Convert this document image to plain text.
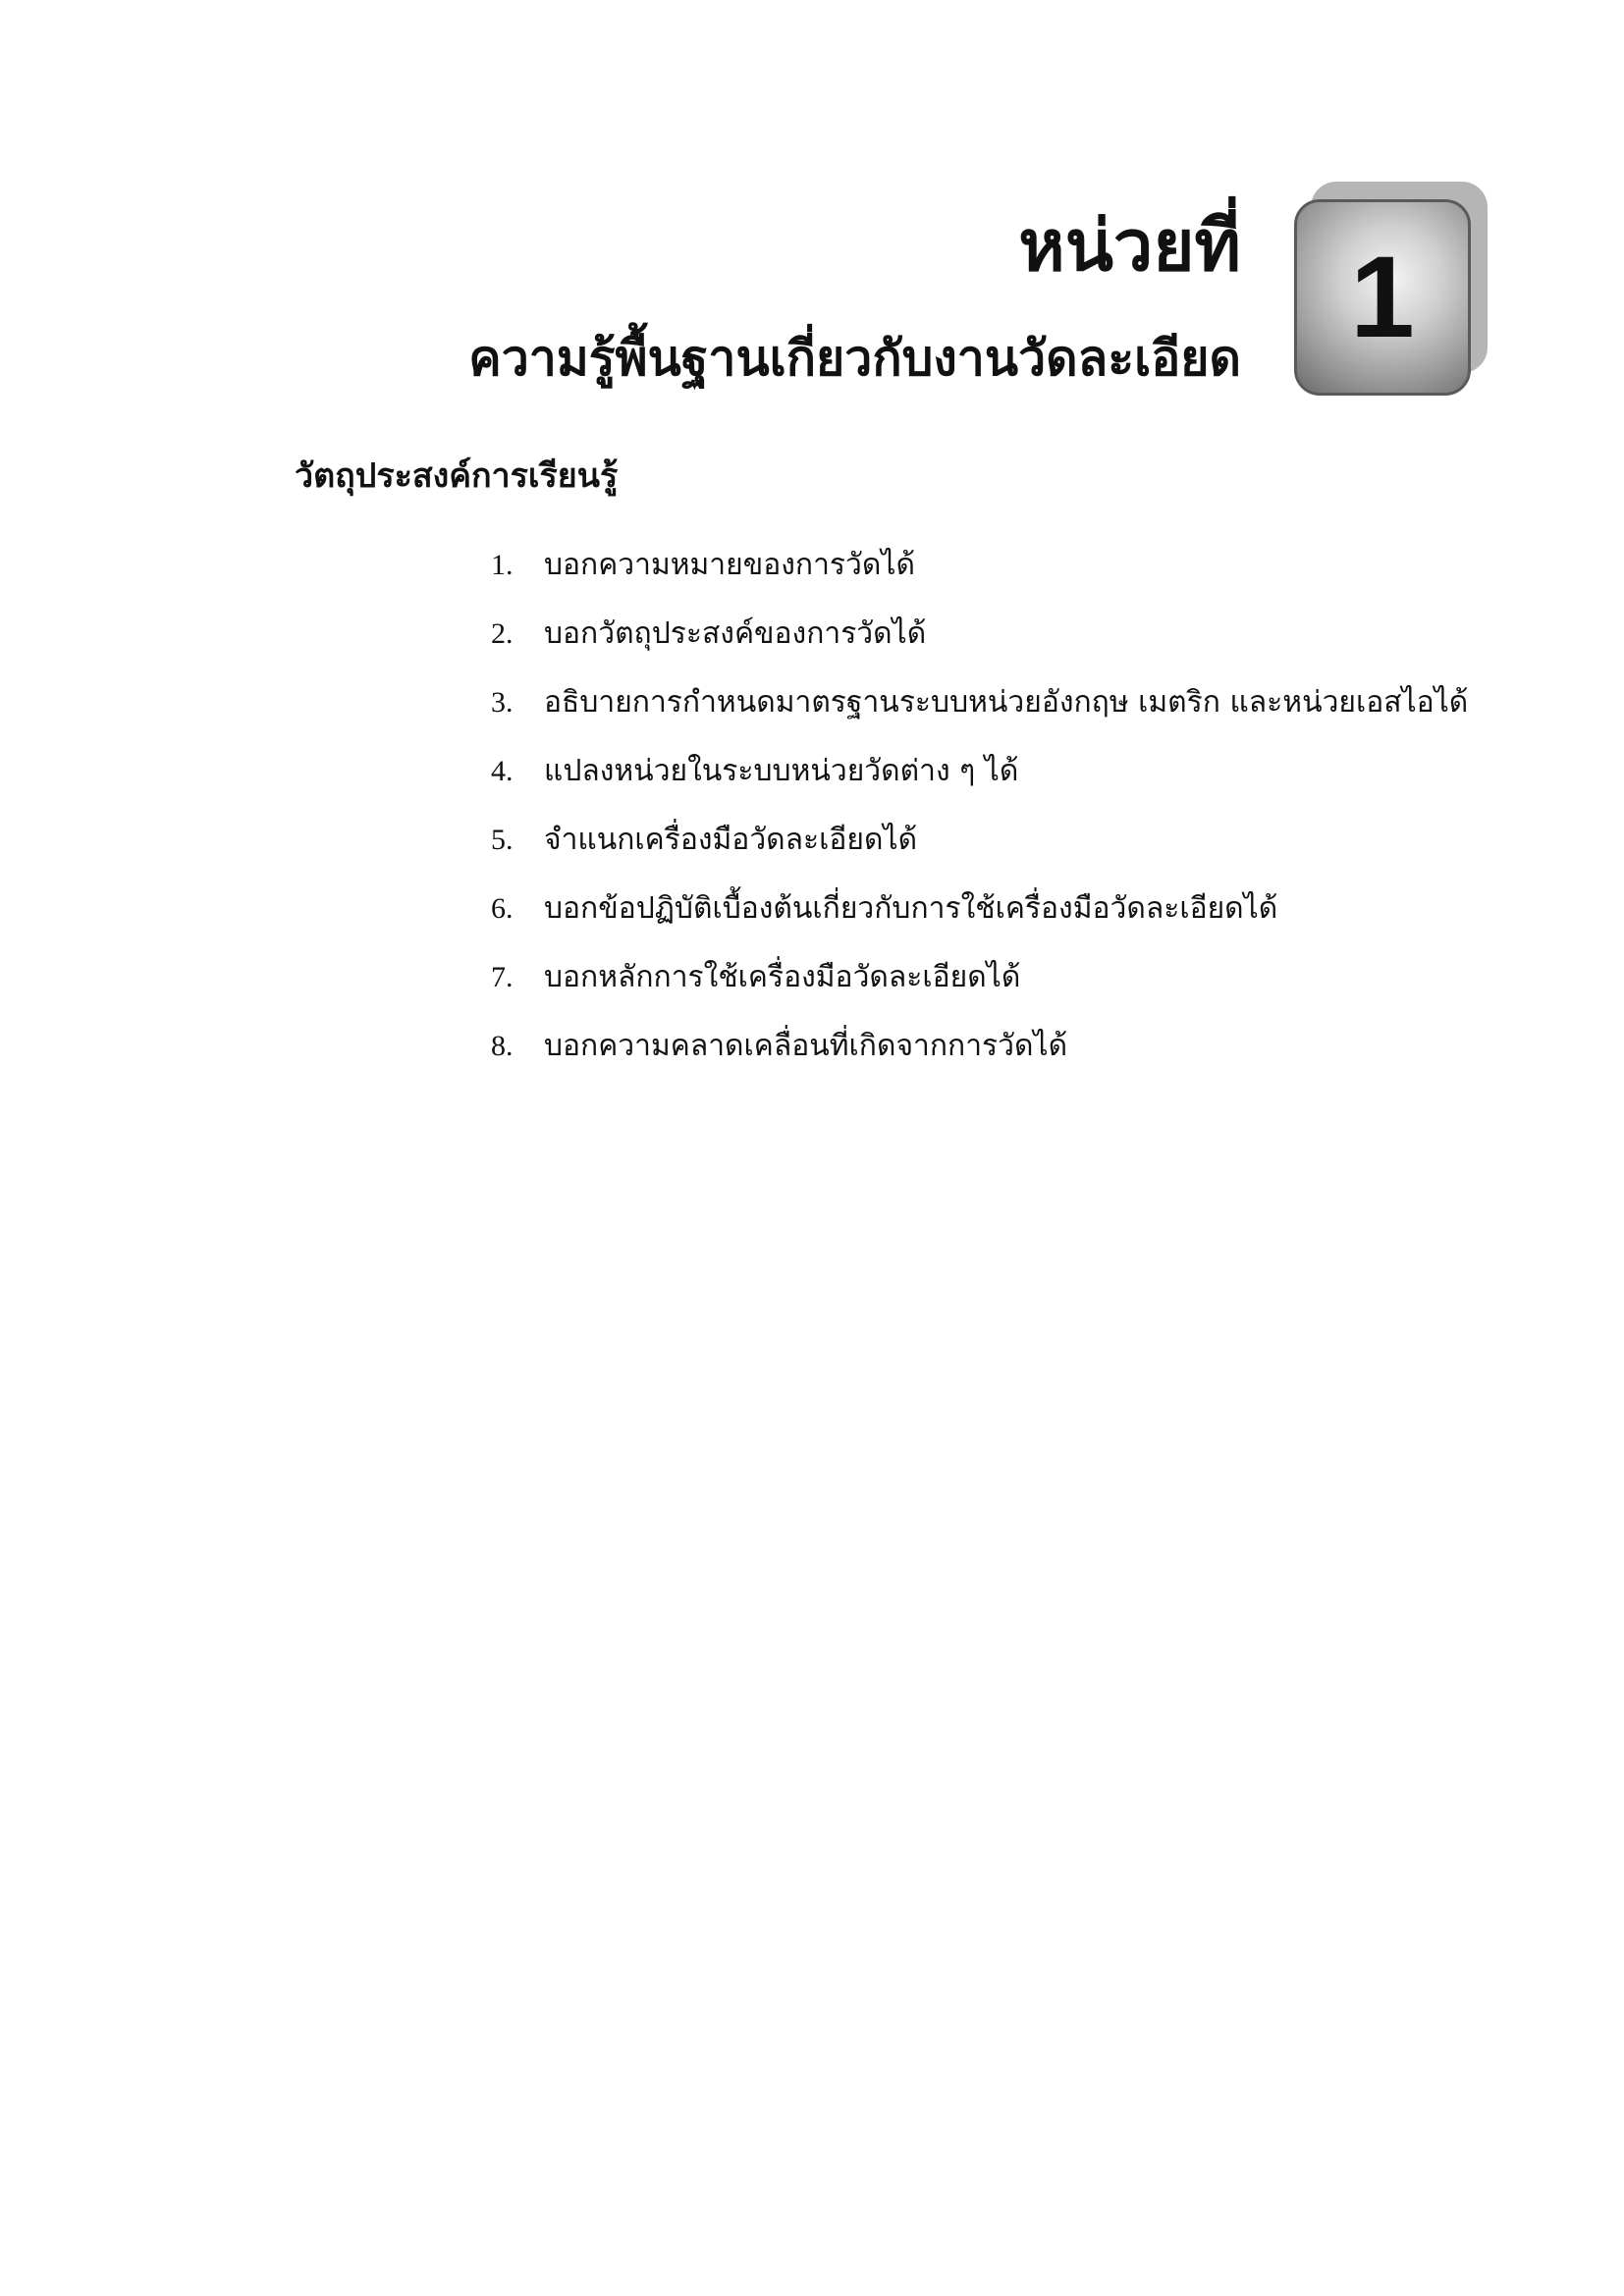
หน่วยที่
ความรู้พื้นฐานเกี่ยวกับงานวัดละเอียด 1
วัตถุประสงค์การเรียนรู้
1.	บอกความหมายของการวัดได้
2.	บอกวัตถุประสงค์ของการวัดได้
3.	อธิบายการกำหนดมาตรฐานระบบหน่วยอังกฤษ เมตริก และหน่วยเอสไอได้
4.	แปลงหน่วยในระบบหน่วยวัดต่าง ๆ ได้
5.	จำแนกเครื่องมือวัดละเอียดได้
6.	บอกข้อปฏิบัติเบื้องต้นเกี่ยวกับการใช้เครื่องมือวัดละเอียดได้
7.	บอกหลักการใช้เครื่องมือวัดละเอียดได้
8.	บอกความคลาดเคลื่อนที่เกิดจากการวัดได้
